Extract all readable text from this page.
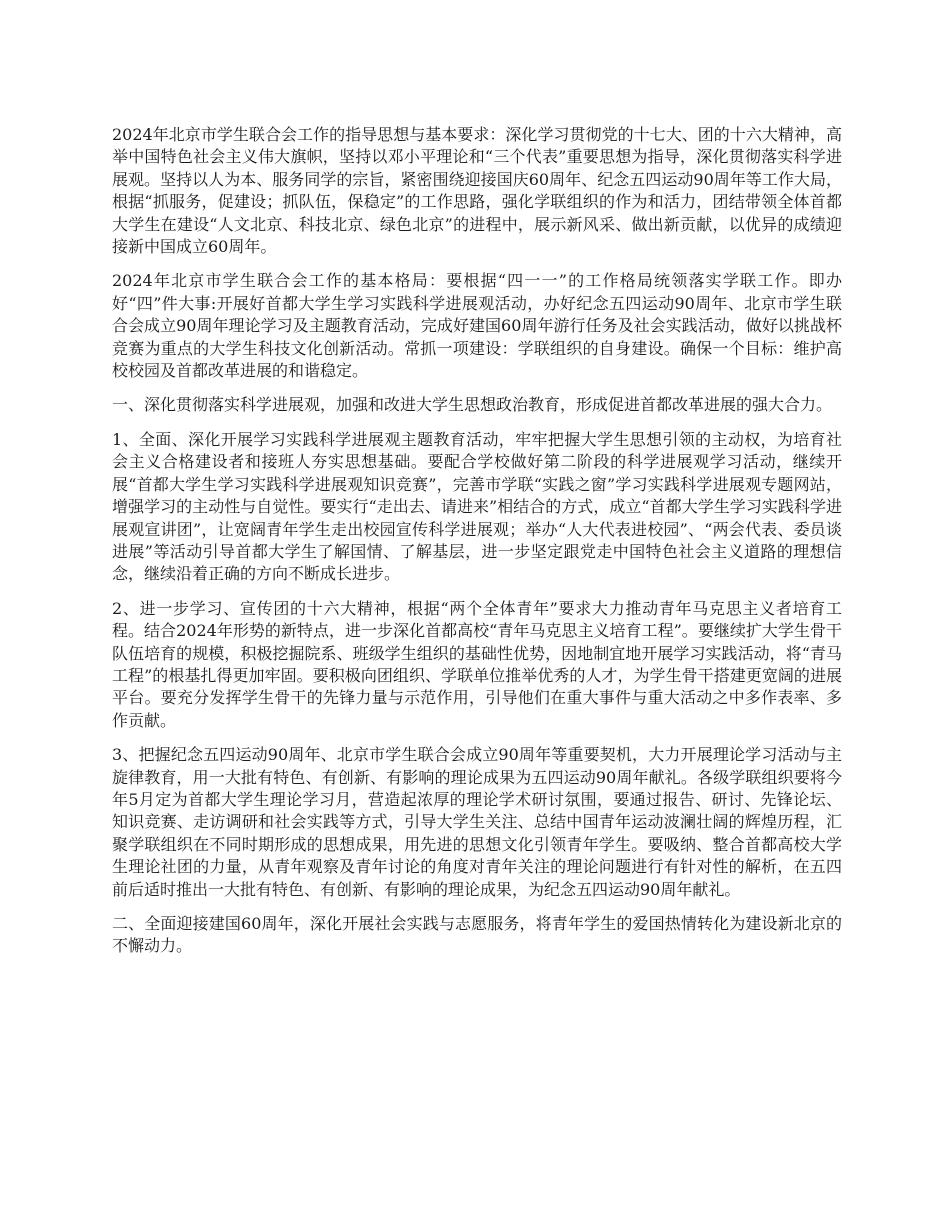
2024年北京市学生联合会工作的指导思想与基本要求：深化学习贯彻党的十七大、团的十六大精神，高举中国特色社会主义伟大旗帜，坚持以邓小平理论和“三个代表”重要思想为指导，深化贯彻落实科学进展观。坚持以人为本、服务同学的宗旨，紧密围绕迎接国庆60周年、纪念五四运动90周年等工作大局，根据“抓服务，促建设；抓队伍，保稳定”的工作思路，强化学联组织的作为和活力，团结带领全体首都大学生在建设“人文北京、科技北京、绿色北京”的进程中，展示新风采、做出新贡献，以优异的成绩迎接新中国成立60周年。

2024年北京市学生联合会工作的基本格局：要根据“四一一”的工作格局统领落实学联工作。即办好“四”件大事:开展好首都大学生学习实践科学进展观活动，办好纪念五四运动90周年、北京市学生联合会成立90周年理论学习及主题教育活动，完成好建国60周年游行任务及社会实践活动，做好以挑战杯竞赛为重点的大学生科技文化创新活动。常抓一项建设：学联组织的自身建设。确保一个目标：维护高校校园及首都改革进展的和谐稳定。

一、深化贯彻落实科学进展观，加强和改进大学生思想政治教育，形成促进首都改革进展的强大合力。

1、全面、深化开展学习实践科学进展观主题教育活动，牢牢把握大学生思想引领的主动权，为培育社会主义合格建设者和接班人夯实思想基础。要配合学校做好第二阶段的科学进展观学习活动，继续开展“首都大学生学习实践科学进展观知识竞赛”，完善市学联“实践之窗”学习实践科学进展观专题网站，增强学习的主动性与自觉性。要实行“走出去、请进来”相结合的方式，成立“首都大学生学习实践科学进展观宣讲团”，让宽阔青年学生走出校园宣传科学进展观；举办“人大代表进校园”、“两会代表、委员谈进展”等活动引导首都大学生了解国情、了解基层，进一步坚定跟党走中国特色社会主义道路的理想信念，继续沿着正确的方向不断成长进步。

2、进一步学习、宣传团的十六大精神，根据“两个全体青年”要求大力推动青年马克思主义者培育工程。结合2024年形势的新特点，进一步深化首都高校“青年马克思主义培育工程”。要继续扩大学生骨干队伍培育的规模，积极挖掘院系、班级学生组织的基础性优势，因地制宜地开展学习实践活动，将“青马工程”的根基扎得更加牢固。要积极向团组织、学联单位推举优秀的人才，为学生骨干搭建更宽阔的进展平台。要充分发挥学生骨干的先锋力量与示范作用，引导他们在重大事件与重大活动之中多作表率、多作贡献。

3、把握纪念五四运动90周年、北京市学生联合会成立90周年等重要契机，大力开展理论学习活动与主旋律教育，用一大批有特色、有创新、有影响的理论成果为五四运动90周年献礼。各级学联组织要将今年5月定为首都大学生理论学习月，营造起浓厚的理论学术研讨氛围，要通过报告、研讨、先锋论坛、知识竞赛、走访调研和社会实践等方式，引导大学生关注、总结中国青年运动波澜壮阔的辉煌历程，汇聚学联组织在不同时期形成的思想成果，用先进的思想文化引领青年学生。要吸纳、整合首都高校大学生理论社团的力量，从青年观察及青年讨论的角度对青年关注的理论问题进行有针对性的解析，在五四前后适时推出一大批有特色、有创新、有影响的理论成果，为纪念五四运动90周年献礼。

二、全面迎接建国60周年，深化开展社会实践与志愿服务，将青年学生的爱国热情转化为建设新北京的不懈动力。
